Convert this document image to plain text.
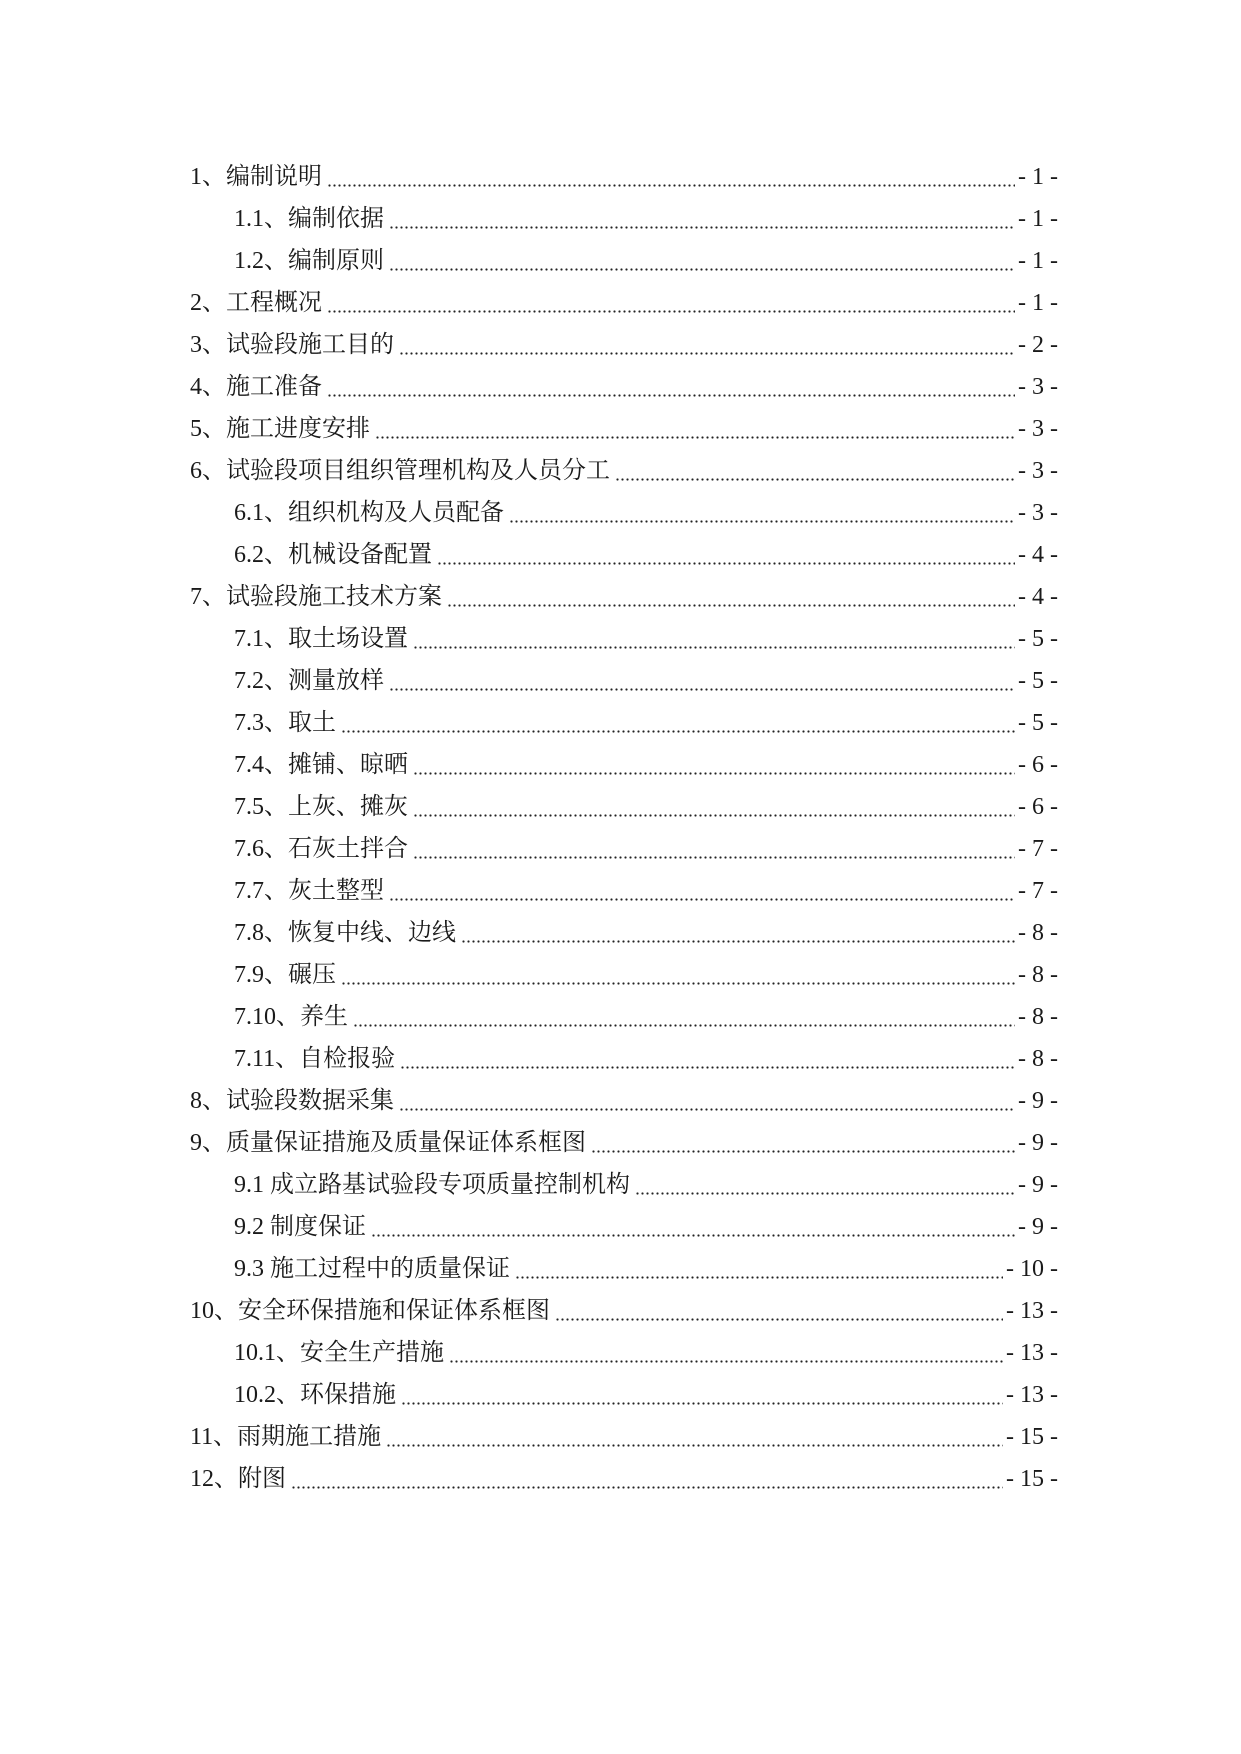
1、编制说明	- 1 -
1.1、编制依据	- 1 -
1.2、编制原则	- 1 -
2、工程概况	- 1 -
3、试验段施工目的	- 2 -
4、施工准备	- 3 -
5、施工进度安排	- 3 -
6、试验段项目组织管理机构及人员分工	- 3 -
6.1、组织机构及人员配备	- 3 -
6.2、机械设备配置	- 4 -
7、试验段施工技术方案	- 4 -
7.1、取土场设置	- 5 -
7.2、测量放样	- 5 -
7.3、取土	- 5 -
7.4、摊铺、晾晒	- 6 -
7.5、上灰、摊灰	- 6 -
7.6、石灰土拌合	- 7 -
7.7、灰土整型	- 7 -
7.8、恢复中线、边线	- 8 -
7.9、碾压	- 8 -
7.10、养生	- 8 -
7.11、自检报验	- 8 -
8、试验段数据采集	- 9 -
9、质量保证措施及质量保证体系框图	- 9 -
9.1 成立路基试验段专项质量控制机构	- 9 -
9.2 制度保证	- 9 -
9.3 施工过程中的质量保证	- 10 -
10、安全环保措施和保证体系框图	- 13 -
10.1、安全生产措施	- 13 -
10.2、环保措施	- 13 -
11、雨期施工措施	- 15 -
12、附图	- 15 -
